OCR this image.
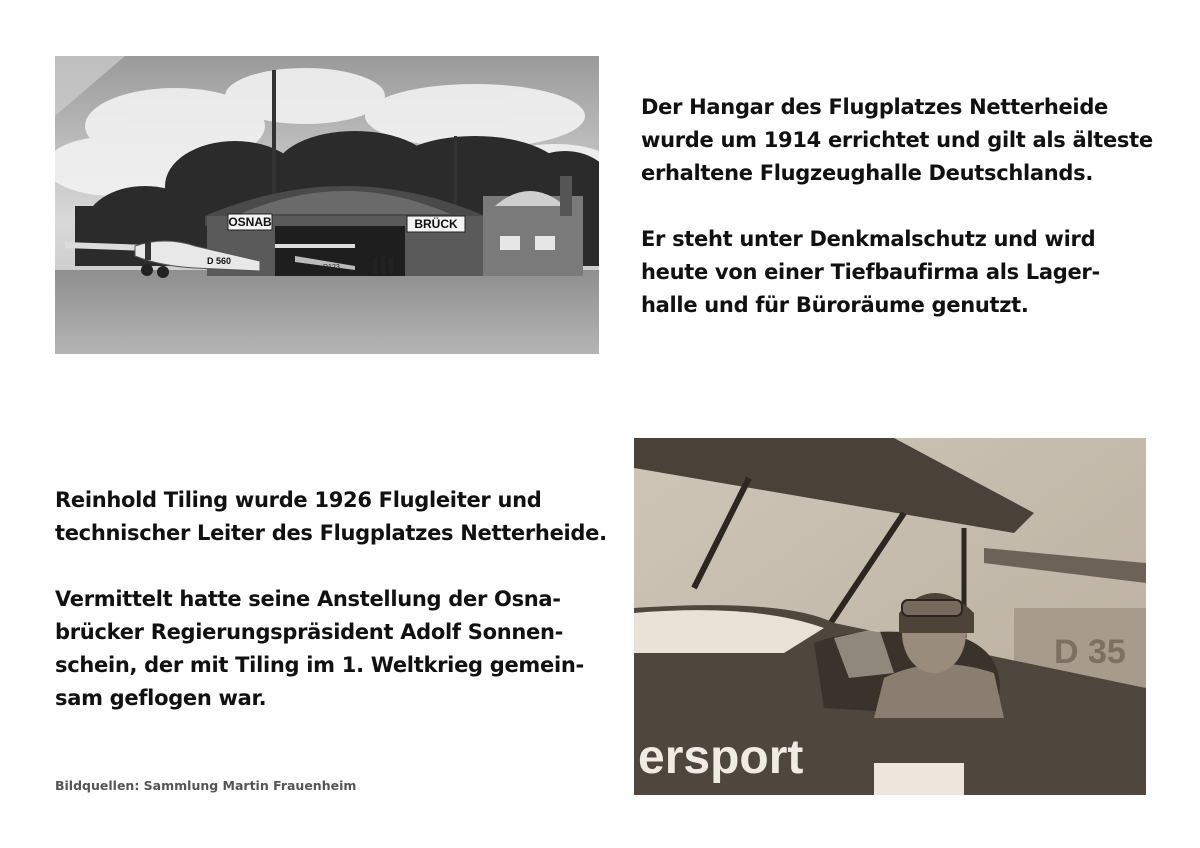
OSNAB	BRÜCK
D123
D 560

Der Hangar des Flugplatzes Netterheide
wurde um 1914 errichtet und gilt als älteste
erhaltene Flugzeughalle Deutschlands.

Er steht unter Denkmalschutz und wird
heute von einer Tiefbaufirma als Lager-
halle und für Büroräume genutzt.

Reinhold Tiling wurde 1926 Flugleiter und
technischer Leiter des Flugplatzes Netterheide.

Vermittelt hatte seine Anstellung der Osna-
brücker Regierungspräsident Adolf Sonnen-
schein, der mit Tiling im 1. Weltkrieg gemein-
sam geflogen war.

D 35
ersport
Bildquellen: Sammlung Martin Frauenheim
